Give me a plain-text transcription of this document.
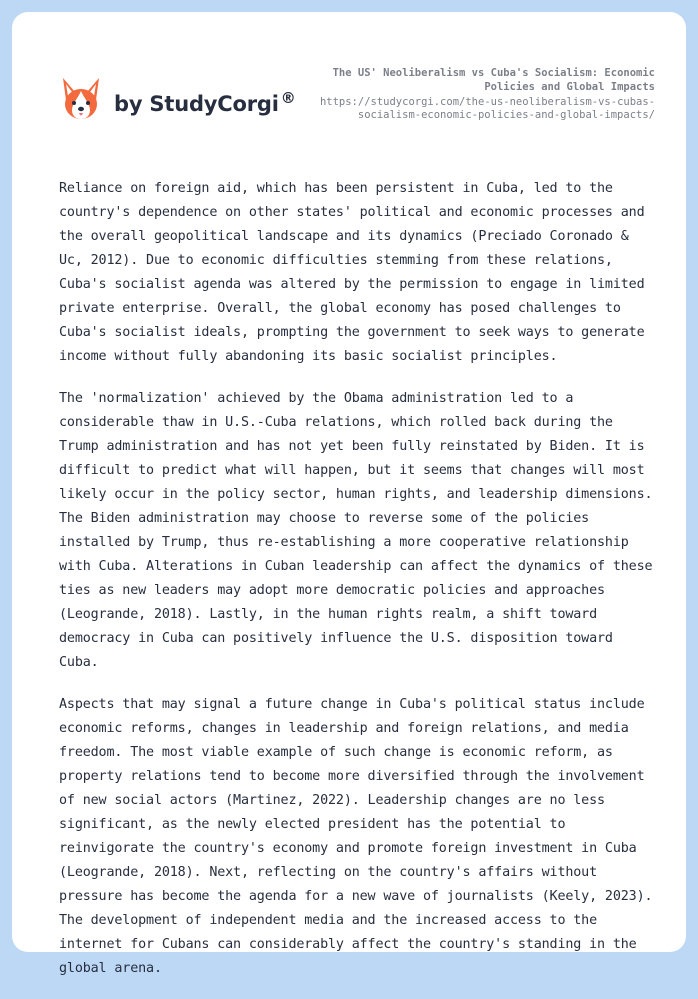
by StudyCorgi ®
The US' Neoliberalism vs Cuba's Socialism: Economic Policies and Global Impacts
https://studycorgi.com/the-us-neoliberalism-vs-cubas-socialism-economic-policies-and-global-impacts/

Reliance on foreign aid, which has been persistent in Cuba, led to the country's dependence on other states' political and economic processes and the overall geopolitical landscape and its dynamics (Preciado Coronado & Uc, 2012). Due to economic difficulties stemming from these relations, Cuba's socialist agenda was altered by the permission to engage in limited private enterprise. Overall, the global economy has posed challenges to Cuba's socialist ideals, prompting the government to seek ways to generate income without fully abandoning its basic socialist principles.

The 'normalization' achieved by the Obama administration led to a considerable thaw in U.S.-Cuba relations, which rolled back during the Trump administration and has not yet been fully reinstated by Biden. It is difficult to predict what will happen, but it seems that changes will most likely occur in the policy sector, human rights, and leadership dimensions. The Biden administration may choose to reverse some of the policies installed by Trump, thus re-establishing a more cooperative relationship with Cuba. Alterations in Cuban leadership can affect the dynamics of these ties as new leaders may adopt more democratic policies and approaches (Leogrande, 2018). Lastly, in the human rights realm, a shift toward democracy in Cuba can positively influence the U.S. disposition toward Cuba.

Aspects that may signal a future change in Cuba's political status include economic reforms, changes in leadership and foreign relations, and media freedom. The most viable example of such change is economic reform, as property relations tend to become more diversified through the involvement of new social actors (Martinez, 2022). Leadership changes are no less significant, as the newly elected president has the potential to reinvigorate the country's economy and promote foreign investment in Cuba (Leogrande, 2018). Next, reflecting on the country's affairs without pressure has become the agenda for a new wave of journalists (Keely, 2023). The development of independent media and the increased access to the internet for Cubans can considerably affect the country's standing in the global arena.
